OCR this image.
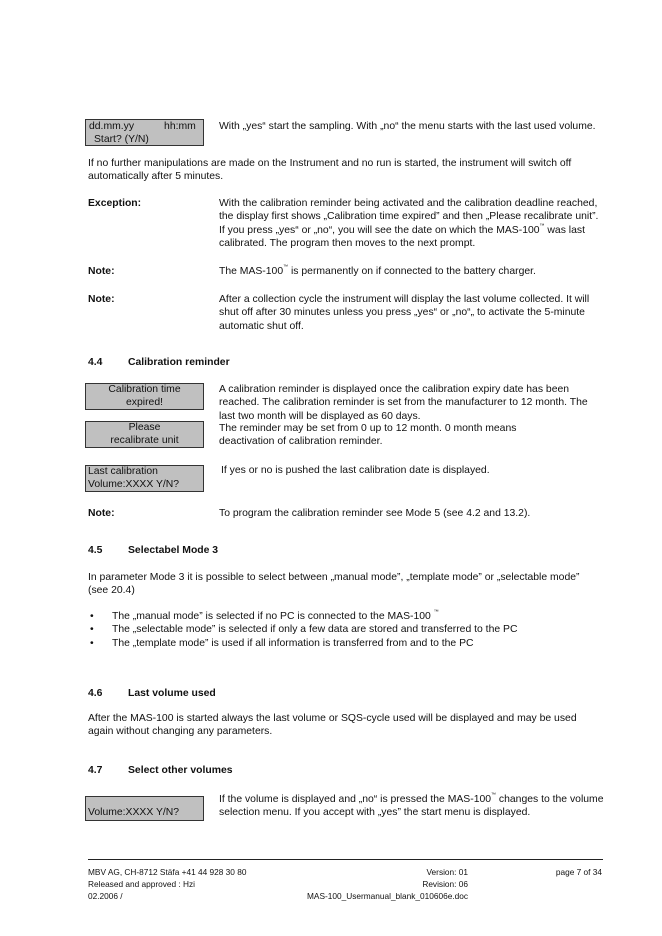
dd.mm.yy	hh:mm
Start? (Y/N)
With „yes“ start the sampling. With „no“ the menu starts with the last used volume.
If no further manipulations are made on the Instrument and no run is started, the instrument will switch off automatically after 5 minutes.
Exception:	With the calibration reminder being activated and the calibration deadline reached, the display first shows „Calibration time expired” and then „Please recalibrate unit”. If you press „yes“ or „no“, you will see the date on which the MAS-100™ was last calibrated. The program then moves to the next prompt.
Note:	The MAS-100™ is permanently on if connected to the battery charger.
Note:	After a collection cycle the instrument will display the last volume collected. It will shut off after 30 minutes unless you press „yes“ or „no“„ to activate the 5-minute automatic shut off.
4.4 Calibration reminder
Calibration time
expired!
Please
recalibrate unit
Last calibration
Volume:XXXX Y/N?
A calibration reminder is displayed once the calibration expiry date has been reached. The calibration reminder is set from the manufacturer to 12 month. The last two month will be displayed as 60 days.
The reminder may be set from 0 up to 12 month. 0 month means deactivation of calibration reminder.
If yes or no is pushed the last calibration date is displayed.
Note:	To program the calibration reminder see Mode 5 (see 4.2 and 13.2).
4.5 Selectabel Mode 3
In parameter Mode 3 it is possible to select between „manual mode”, „template mode” or „selectable mode” (see 20.4)
• The „manual mode” is selected if no PC is connected to the MAS-100 ™
• The „selectable mode” is selected if only a few data are stored and transferred to the PC
• The „template mode” is used if all information is transferred from and to the PC
4.6 Last volume used
After the MAS-100 is started always the last volume or SQS-cycle used will be displayed and may be used again without changing any parameters.
4.7 Select other volumes
Volume:XXXX Y/N?
If the volume is displayed and „no“ is pressed the MAS-100™ changes to the volume selection menu. If you accept with „yes” the start menu is displayed.
MBV AG, CH-8712 Stäfa +41 44 928 30 80
Released and approved : Hzi
02.2006 /
Version: 01
Revision: 06
MAS-100_Usermanual_blank_010606e.doc
page 7 of 34
